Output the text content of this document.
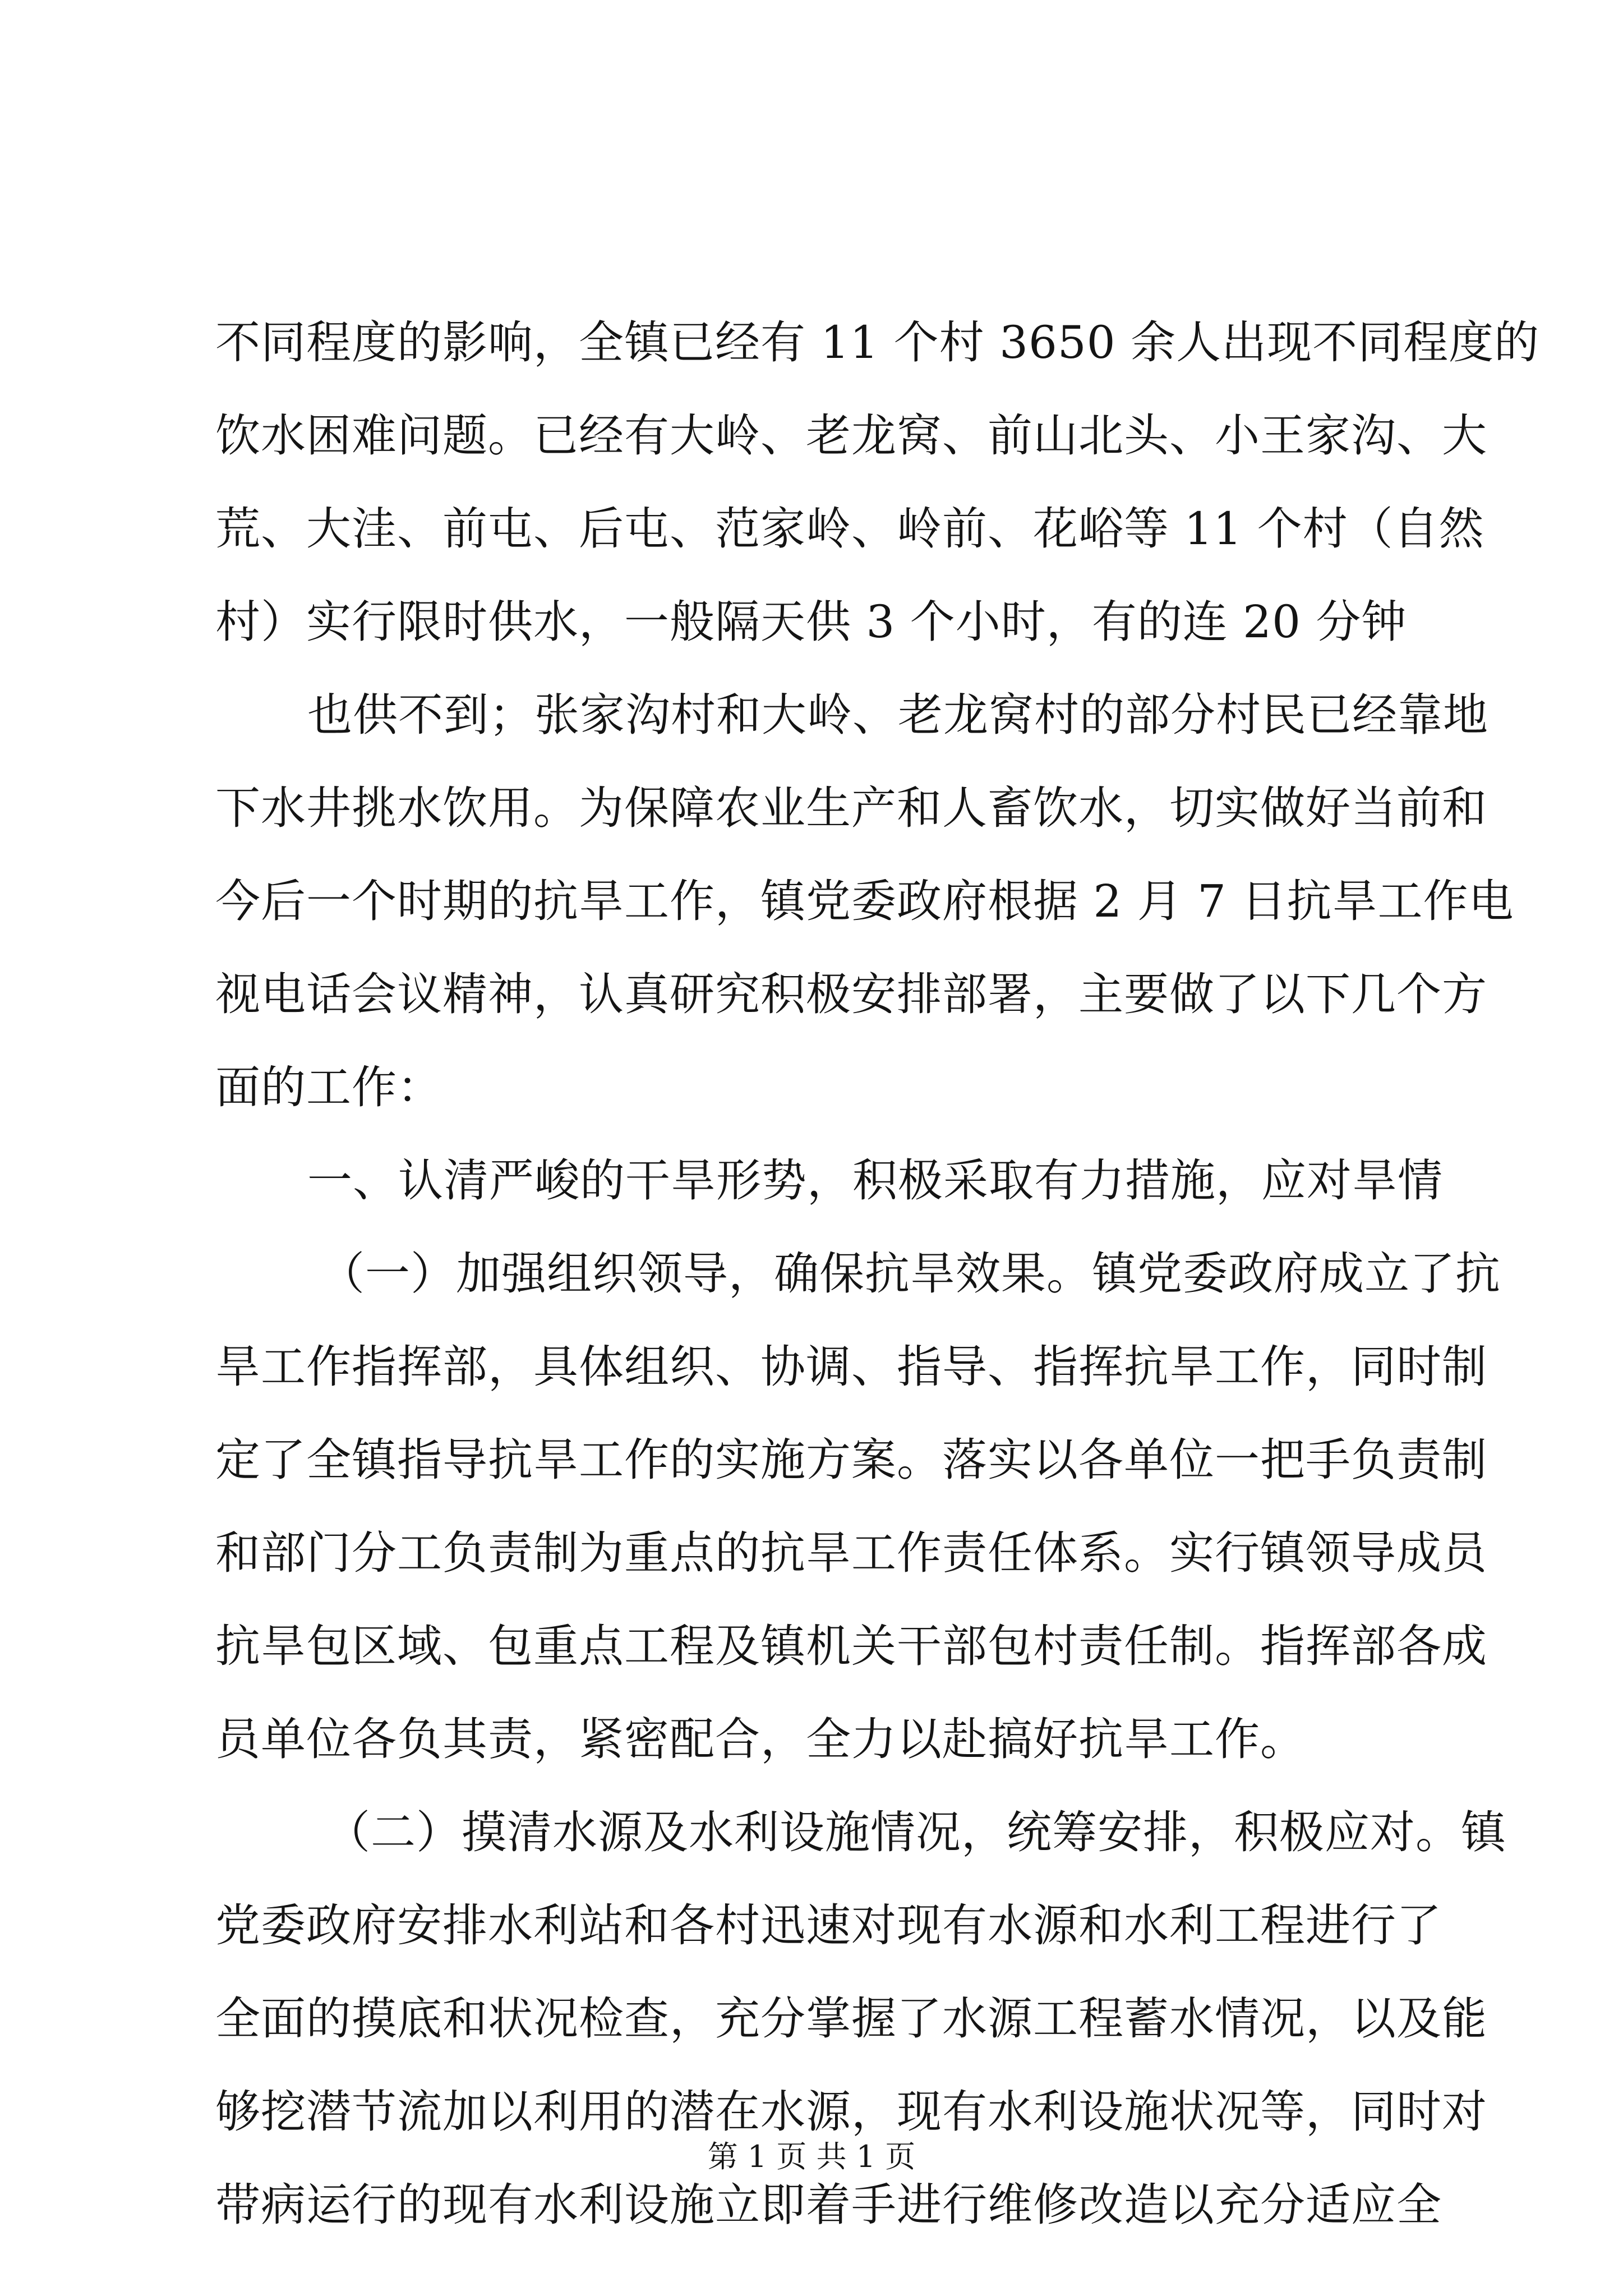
不同程度的影响，全镇已经有 11 个村 3650 余人出现不同程度的
饮水困难问题。已经有大岭、老龙窝、前山北头、小王家沟、大
荒、大洼、前屯、后屯、范家岭、岭前、花峪等 11 个村（自然
村）实行限时供水，一般隔天供 3 个小时，有的连 20 分钟
也供不到；张家沟村和大岭、老龙窝村的部分村民已经靠地
下水井挑水饮用。为保障农业生产和人畜饮水，切实做好当前和
今后一个时期的抗旱工作，镇党委政府根据 2 月 7 日抗旱工作电
视电话会议精神，认真研究积极安排部署，主要做了以下几个方
面的工作：
一、认清严峻的干旱形势，积极采取有力措施，应对旱情
（一）加强组织领导，确保抗旱效果。镇党委政府成立了抗
旱工作指挥部，具体组织、协调、指导、指挥抗旱工作，同时制
定了全镇指导抗旱工作的实施方案。落实以各单位一把手负责制
和部门分工负责制为重点的抗旱工作责任体系。实行镇领导成员
抗旱包区域、包重点工程及镇机关干部包村责任制。指挥部各成
员单位各负其责，紧密配合，全力以赴搞好抗旱工作。
（二）摸清水源及水利设施情况，统筹安排，积极应对。镇
党委政府安排水利站和各村迅速对现有水源和水利工程进行了
全面的摸底和状况检查，充分掌握了水源工程蓄水情况，以及能
够挖潜节流加以利用的潜在水源，现有水利设施状况等，同时对
带病运行的现有水利设施立即着手进行维修改造以充分适应全
第 1 页 共 1 页
